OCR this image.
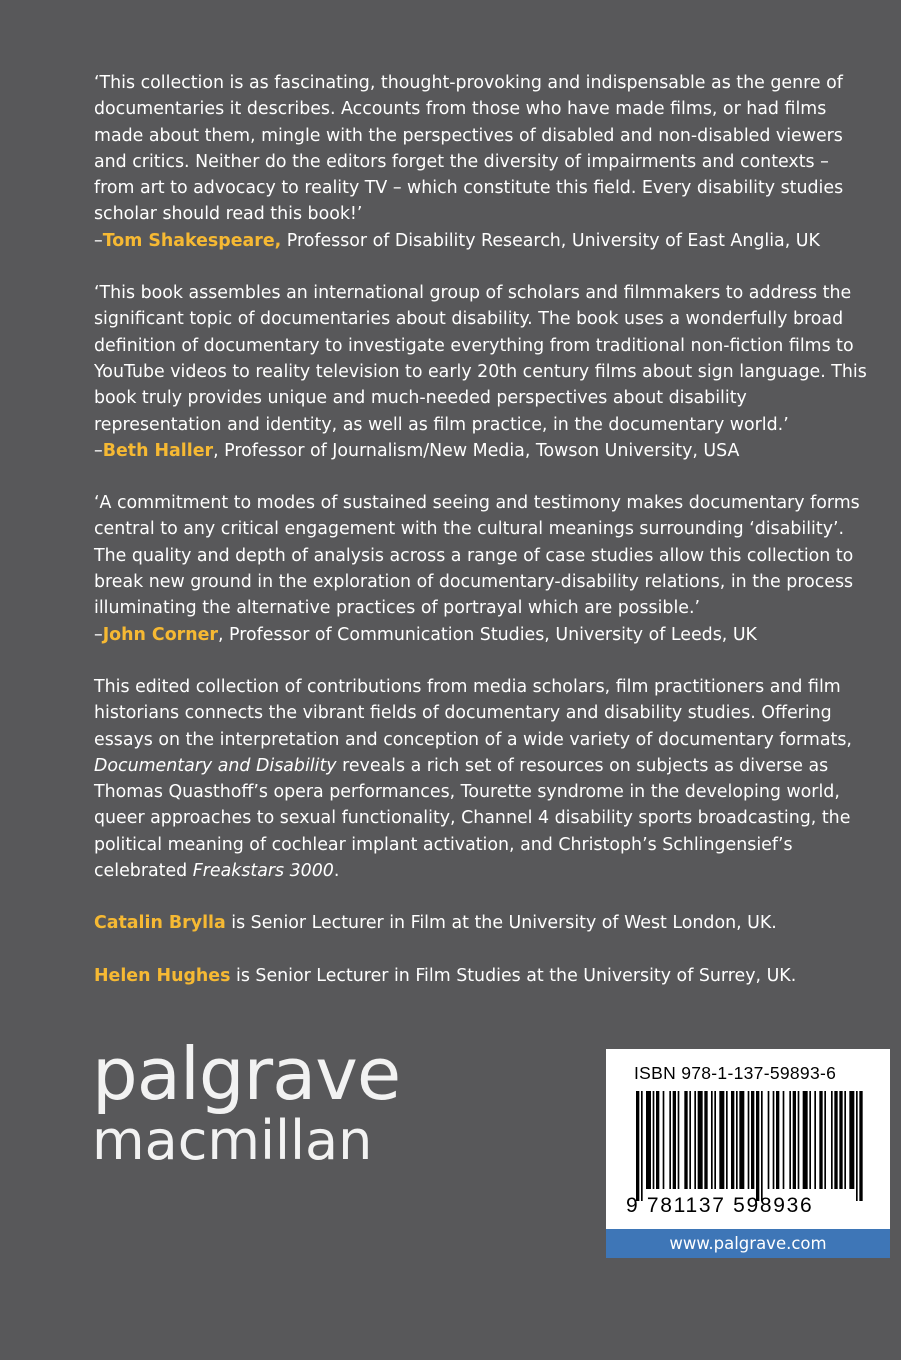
‘This collection is as fascinating, thought-provoking and indispensable as the genre of documentaries it describes. Accounts from those who have made films, or had films made about them, mingle with the perspectives of disabled and non-disabled viewers and critics. Neither do the editors forget the diversity of impairments and contexts – from art to advocacy to reality TV – which constitute this field. Every disability studies scholar should read this book!’

–Tom Shakespeare, Professor of Disability Research, University of East Anglia, UK

‘This book assembles an international group of scholars and filmmakers to address the significant topic of documentaries about disability. The book uses a wonderfully broad definition of documentary to investigate everything from traditional non-fiction films to YouTube videos to reality television to early 20th century films about sign language. This book truly provides unique and much-needed perspectives about disability representation and identity, as well as film practice, in the documentary world.’

–Beth Haller, Professor of Journalism/New Media, Towson University, USA

‘A commitment to modes of sustained seeing and testimony makes documentary forms central to any critical engagement with the cultural meanings surrounding ‘disability’. The quality and depth of analysis across a range of case studies allow this collection to break new ground in the exploration of documentary-disability relations, in the process illuminating the alternative practices of portrayal which are possible.’

–John Corner, Professor of Communication Studies, University of Leeds, UK

This edited collection of contributions from media scholars, film practitioners and film historians connects the vibrant fields of documentary and disability studies. Offering essays on the interpretation and conception of a wide variety of documentary formats, Documentary and Disability reveals a rich set of resources on subjects as diverse as Thomas Quasthoff’s opera performances, Tourette syndrome in the developing world, queer approaches to sexual functionality, Channel 4 disability sports broadcasting, the political meaning of cochlear implant activation, and Christoph’s Schlingensief’s celebrated Freakstars 3000.

Catalin Brylla is Senior Lecturer in Film at the University of West London, UK.

Helen Hughes is Senior Lecturer in Film Studies at the University of Surrey, UK.

palgrave
macmillan
ISBN 978-1-137-59893-6
9 781137 598936
www.palgrave.com
